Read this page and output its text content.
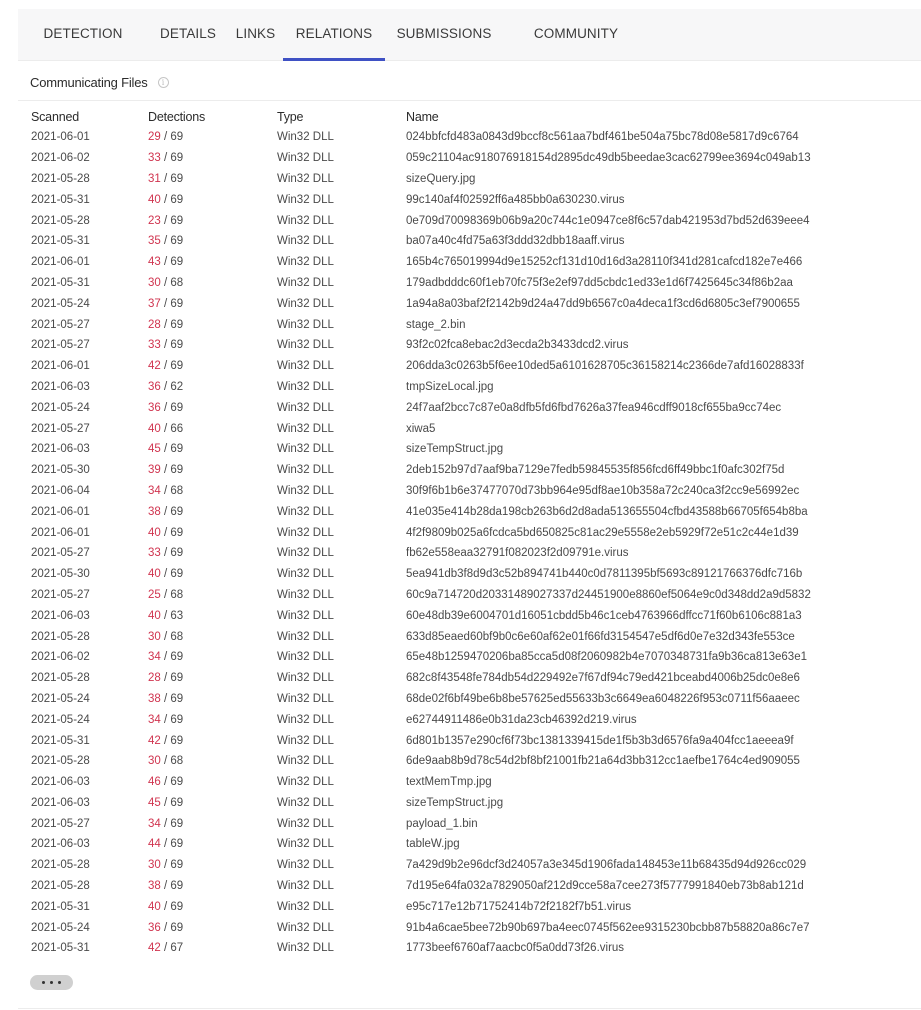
DETECTION	DETAILS	LINKS	RELATIONS	SUBMISSIONS	COMMUNITY
Communicating Files	i
Scanned	Detections	Type	Name
2021-06-01	29 / 69	Win32 DLL	024bbfcfd483a0843d9bccf8c561aa7bdf461be504a75bc78d08e5817d9c6764
2021-06-02	33 / 69	Win32 DLL	059c21104ac918076918154d2895dc49db5beedae3cac62799ee3694c049ab13
2021-05-28	31 / 69	Win32 DLL	sizeQuery.jpg
2021-05-31	40 / 69	Win32 DLL	99c140af4f02592ff6a485bb0a630230.virus
2021-05-28	23 / 69	Win32 DLL	0e709d70098369b06b9a20c744c1e0947ce8f6c57dab421953d7bd52d639eee4
2021-05-31	35 / 69	Win32 DLL	ba07a40c4fd75a63f3ddd32dbb18aaff.virus
2021-06-01	43 / 69	Win32 DLL	165b4c765019994d9e15252cf131d10d16d3a28110f341d281cafcd182e7e466
2021-05-31	30 / 68	Win32 DLL	179adbdddc60f1eb70fc75f3e2ef97dd5cbdc1ed33e1d6f7425645c34f86b2aa
2021-05-24	37 / 69	Win32 DLL	1a94a8a03baf2f2142b9d24a47dd9b6567c0a4deca1f3cd6d6805c3ef7900655
2021-05-27	28 / 69	Win32 DLL	stage_2.bin
2021-05-27	33 / 69	Win32 DLL	93f2c02fca8ebac2d3ecda2b3433dcd2.virus
2021-06-01	42 / 69	Win32 DLL	206dda3c0263b5f6ee10ded5a6101628705c36158214c2366de7afd16028833f
2021-06-03	36 / 62	Win32 DLL	tmpSizeLocal.jpg
2021-05-24	36 / 69	Win32 DLL	24f7aaf2bcc7c87e0a8dfb5fd6fbd7626a37fea946cdff9018cf655ba9cc74ec
2021-05-27	40 / 66	Win32 DLL	xiwa5
2021-06-03	45 / 69	Win32 DLL	sizeTempStruct.jpg
2021-05-30	39 / 69	Win32 DLL	2deb152b97d7aaf9ba7129e7fedb59845535f856fcd6ff49bbc1f0afc302f75d
2021-06-04	34 / 68	Win32 DLL	30f9f6b1b6e37477070d73bb964e95df8ae10b358a72c240ca3f2cc9e56992ec
2021-06-01	38 / 69	Win32 DLL	41e035e414b28da198cb263b6d2d8ada513655504cfbd43588b66705f654b8ba
2021-06-01	40 / 69	Win32 DLL	4f2f9809b025a6fcdca5bd650825c81ac29e5558e2eb5929f72e51c2c44e1d39
2021-05-27	33 / 69	Win32 DLL	fb62e558eaa32791f082023f2d09791e.virus
2021-05-30	40 / 69	Win32 DLL	5ea941db3f8d9d3c52b894741b440c0d7811395bf5693c89121766376dfc716b
2021-05-27	25 / 68	Win32 DLL	60c9a714720d20331489027337d24451900e8860ef5064e9c0d348dd2a9d5832
2021-06-03	40 / 63	Win32 DLL	60e48db39e6004701d16051cbdd5b46c1ceb4763966dffcc71f60b6106c881a3
2021-05-28	30 / 68	Win32 DLL	633d85eaed60bf9b0c6e60af62e01f66fd3154547e5df6d0e7e32d343fe553ce
2021-06-02	34 / 69	Win32 DLL	65e48b1259470206ba85cca5d08f2060982b4e7070348731fa9b36ca813e63e1
2021-05-28	28 / 69	Win32 DLL	682c8f43548fe784db54d229492e7f67df94c79ed421bceabd4006b25dc0e8e6
2021-05-24	38 / 69	Win32 DLL	68de02f6bf49be6b8be57625ed55633b3c6649ea6048226f953c0711f56aaeec
2021-05-24	34 / 69	Win32 DLL	e62744911486e0b31da23cb46392d219.virus
2021-05-31	42 / 69	Win32 DLL	6d801b1357e290cf6f73bc1381339415de1f5b3b3d6576fa9a404fcc1aeeea9f
2021-05-28	30 / 68	Win32 DLL	6de9aab8b9d78c54d2bf8bf21001fb21a64d3bb312cc1aefbe1764c4ed909055
2021-06-03	46 / 69	Win32 DLL	textMemTmp.jpg
2021-06-03	45 / 69	Win32 DLL	sizeTempStruct.jpg
2021-05-27	34 / 69	Win32 DLL	payload_1.bin
2021-06-03	44 / 69	Win32 DLL	tableW.jpg
2021-05-28	30 / 69	Win32 DLL	7a429d9b2e96dcf3d24057a3e345d1906fada148453e11b68435d94d926cc029
2021-05-28	38 / 69	Win32 DLL	7d195e64fa032a7829050af212d9cce58a7cee273f5777991840eb73b8ab121d
2021-05-31	40 / 69	Win32 DLL	e95c717e12b71752414b72f2182f7b51.virus
2021-05-24	36 / 69	Win32 DLL	91b4a6cae5bee72b90b697ba4eec0745f562ee9315230bcbb87b58820a86c7e7
2021-05-31	42 / 67	Win32 DLL	1773beef6760af7aacbc0f5a0dd73f26.virus
